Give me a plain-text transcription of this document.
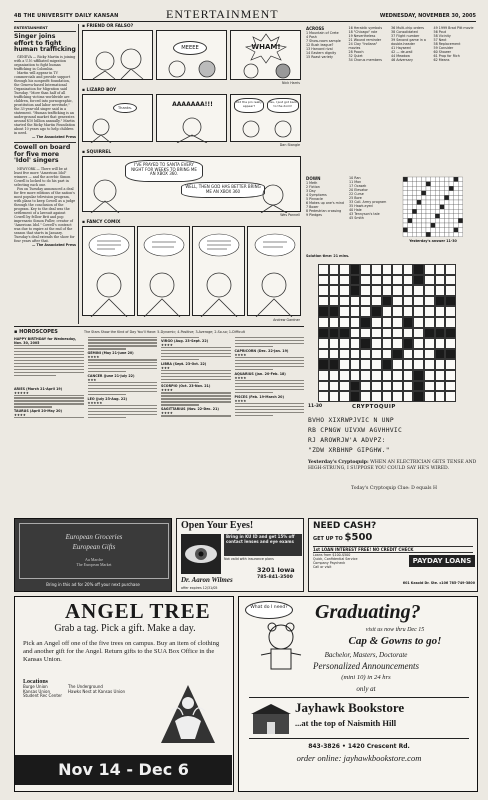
4B THE UNIVERSITY DAILY KANSAN	ENTERTAINMENT	WEDNESDAY, NOVEMBER 30, 2005
ENTERTAINMENT
Singer joins effort to fight human trafficking
GENEVA — Ricky Martin is joining with a U.N.-affiliated migration organization to fight human trafficking in Colombia.
Martin will appear in TV commercials and provide support through his nonprofit foundation, the Geneva-based International Organization for Migration said Tuesday. "More than half of all trafficking victims worldwide are children, forced into pornographic, prostitution and labor servitude," the 33-year-old singer said in a statement. "Human trafficking is an underground market that generates around $10 billion annually." Martin started the Ricky Martin Foundation about 10 years ago to help children in need.
— The Associated Press
Cowell on board for five more 'Idol' singers
NEWYORK — There will be at least five more "American Idol" winners — and the acerbic Simon Cowell is locked to do his part in selecting each one.
Fox on Tuesday announced a deal for five more editions of the nation's most popular television program, with plans to keep Cowell as a judge through the conclusion of the program. Key to the deal was the settlement of a lawsuit against Cowell by fellow Brit and pop impresario Simon Fuller, creator of "American Idol." Cowell's contract was due to expire at the end of the season that starts in January. Tuesday's deal extends the show for four years after that.
— The Associated Press
▪ FRIEND OR FALSO?
MEEEE	WHAM!
Nick Harris
▪ LIZARD BOY
Thanks.	AAAAAAA!!!	Did the pin really appear?
Yes, I just got back to the dorm!
Dan Stangle
▪ SQUIRREL
I'VE PRAYED TO SANTA EVERY NIGHT FOR WEEKS TO BRING ME AN XBOX 360.
WELL, THEN GOD HAS BETTER BRING ME AN XBOX 360
Wes Pannell
▪ FANCY COMIX
Andrew Gardner
ACROSS
1 Mountain of Crete
4 Posh
7 Show-room sample
12 Bush league?
13 Harvard rival
14 Eastern dignity
15 Roast variety
16 Heraldic symbols
18 "Chicago" role
19 Nevertheless
21 Wound reminder
24 Clay "Indiana" movies
28 Pooch
32 Quiet
34 Chorus members
36 Multi-chip orders
38 Consolidated
37 Flight number
39 Second game in a double-header
41 Hayseed
42 — de-wall
44 Meadow
46 Adversary
49 1999 Brad Pitt movie
56 Pout
58 Vicinity
57 Next
58 Replacement
59 Consider
60 Shower
61 Prop for Rich
62 Means
DOWN
1 Meth
2 Fiction
3 Day
4 Symptoms
5 Pinnacle
6 Makes up one's mind
7 Boxer
8 Pedestrian crossing
9 Pledges
10 Ran
11 Mon
17 Ocasek
20 Elevator
22 Curse
25 Bore
33 Coll. Army program
35 Hawk-eyed
40 Hale
43 Tennyson's tale
45 Smith
Yesterday's answer 11-30
Solution time: 21 mins.
▪ HOROSCOPES	The Stars Show the Kind of Day You'll Have: 5-Dynamic; 4-Positive; 3-Average; 2-So-so; 1-Difficult
HAPPY BIRTHDAY for Wednesday, Nov. 30, 2005
ARIES (March 21-April 19)
★★★★★
TAURUS (April 20-May 20)
★★★★
GEMINI (May 21-June 20)
★★★★
CANCER (June 21-July 22)
★★★
LEO (July 23-Aug. 22)
★★★★★
VIRGO (Aug. 23-Sept. 22)
★★★★
LIBRA (Sept. 23-Oct. 22)
★★★
SCORPIO (Oct. 23-Nov. 21)
★★★★
SAGITTARIUS (Nov. 22-Dec. 21)
★★★★
CAPRICORN (Dec. 22-Jan. 19)
★★★★
AQUARIUS (Jan. 20-Feb. 18)
★★★★
PISCES (Feb. 19-March 20)
★★★★
11-30	CRYPTOQUIP
BVHO XIXRWPJVIC N UNP
RB CPNGW UIVXW AGVHHVIC
RJ AROWRJW'A ADVPZ:
"ZDW XRBHNP GIPGHW."
Yesterday's Cryptoquip: WHEN AN ELECTRICIAN GETS TENSE AND HIGH-STRUNG, I SUPPOSE YOU COULD SAY HE'S WIRED.
Today's Cryptoquip Clue: D equals H
European Groceries
European Gifts
Au Marche
The European Market
Bring in this ad for 20% off your next purchase
Open Your Eyes!
Bring in KU ID and get 15% off contact lenses and eye exams
Not valid with insurance plans
Dr. Aaron Wilmes
3201 Iowa
785-841-3500
offer expires 12/31/05
NEED CASH?
GET UP TO $500
1st LOAN INTEREST FREE! NO CREDIT CHECK
Loans from $100-$500
Quick, Confidential Service
Company Paycheck
Call or visit
PAYDAY LOANS
601 Kasold Dr. Ste. c106 785-749-3800
ANGEL TREE
Grab a tag. Pick a gift. Make a day.
Pick an Angel off one of the five trees on campus. Buy an item of clothing and another gift for the Angel. Return gifts to the SUA Box Office in the Kansas Union.
Locations
Burge Union
Kansas Union
Student Rec Center
The Underground
Hawks Nest at Kansas Union
Nov 14 - Dec 6
What do I need? Graduating?
visit us now thru Dec 15
Cap & Gowns to go!
Bachelor, Masters, Doctorate
Personalized Announcements
(mini 10) in 24 hrs
only at
Jayhawk Bookstore
...at the top of Naismith Hill
843-3826 • 1420 Crescent Rd.
order online: jayhawkbookstore.com
